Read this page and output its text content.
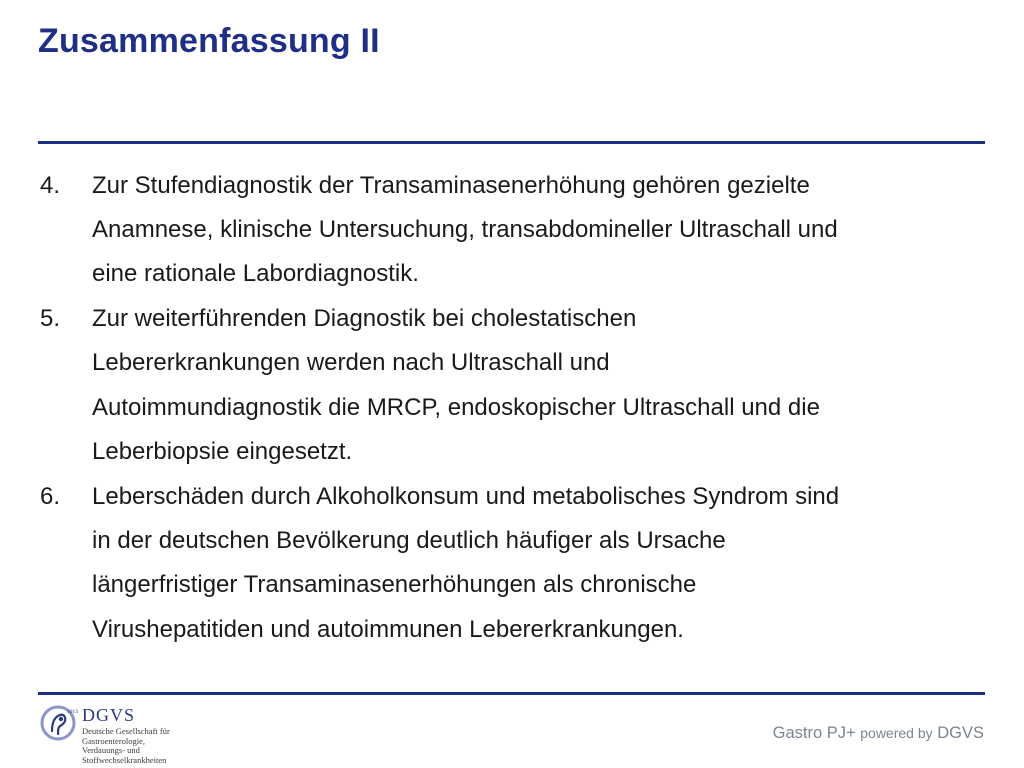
Zusammenfassung II
4. Zur Stufendiagnostik der Transaminasenerhöhung gehören gezielte
Anamnese, klinische Untersuchung, transabdomineller Ultraschall und
eine rationale Labordiagnostik.
5. Zur weiterführenden Diagnostik bei cholestatischen
Lebererkrankungen werden nach Ultraschall und
Autoimmundiagnostik die MRCP, endoskopischer Ultraschall und die
Leberbiopsie eingesetzt.
6. Leberschäden durch Alkoholkonsum und metabolisches Syndrom sind
in der deutschen Bevölkerung deutlich häufiger als Ursache
längerfristiger Transaminasenerhöhungen als chronische
Virushepatitiden und autoimmunen Lebererkrankungen.
1913 DGVS
Deutsche Gesellschaft für
Gastroenterologie,
Verdauungs- und
Stoffwechselkrankheiten
Gastro PJ+ powered by DGVS
